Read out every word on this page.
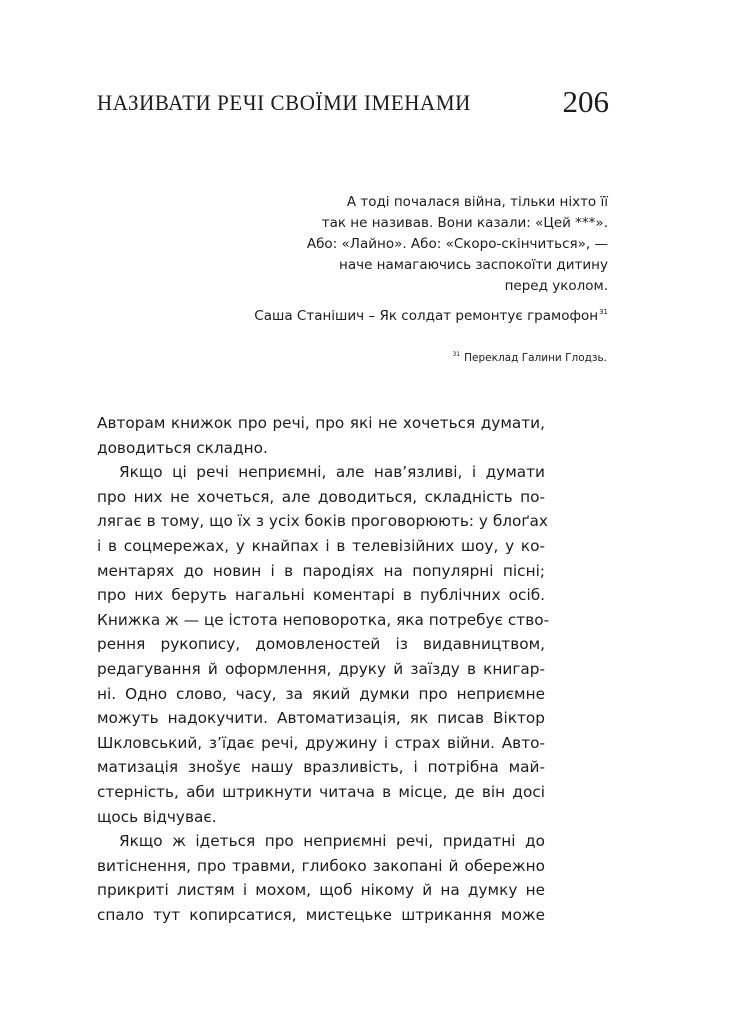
НАЗИВАТИ РЕЧІ СВОЇМИ ІМЕНАМИ	206
А тоді почалася війна, тільки ніхто її
так не називав. Вони казали: «Цей ***».
Або: «Лайно». Або: «Скоро-скінчиться», —
наче намагаючись заспокоїти дитину
перед уколом.
Саша Станішич – Як солдат ремонтує грамофон$^{31}$
$^{31}$ Переклад Галини Глодзь.
Авторам книжок про речі, про які не хочеться думати,
доводиться складно.
Якщо ці речі неприємні, але нав’язливі, і думати
про них не хочеться, але доводиться, складність по-
лягає в тому, що їх з усіх боків проговорюють: у блоґах
і в соцмережах, у кнайпах і в телевізійних шоу, у ко-
ментарях до новин і в пародіях на популярні пісні;
про них беруть нагальні коментарі в публічних осіб.
Книжка ж — це істота неповоротка, яка потребує ство-
рення рукопису, домовленостей із видавництвом,
редагування й оформлення, друку й заїзду в книгар-
ні. Одно слово, часу, за який думки про неприємне
можуть надокучити. Автоматизація, як писав Віктор
Шкловський, з’їдає речі, дружину і страх війни. Авто-
матизація знošує нашу вразливість, і потрібна май-
стерність, аби штрикнути читача в місце, де він досі
щось відчуває.
Якщо ж ідеться про неприємні речі, придатні до
витіснення, про травми, глибоко закопані й обережно
прикриті листям і мохом, щоб нікому й на думку не
спало тут копирсатися, мистецьке штрикання може
